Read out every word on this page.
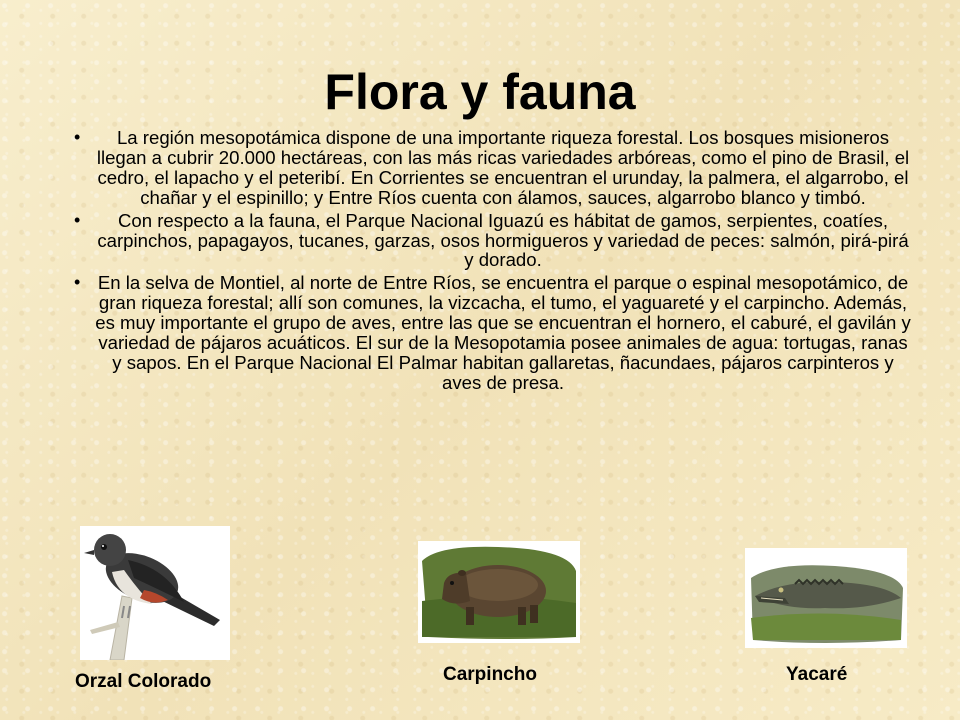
Flora y fauna
• La región mesopotámica dispone de una importante riqueza forestal. Los bosques misioneros llegan a cubrir 20.000 hectáreas, con las más ricas variedades arbóreas, como el pino de Brasil, el cedro, el lapacho y el peteribí. En Corrientes se encuentran el urunday, la palmera, el algarrobo, el chañar y el espinillo; y Entre Ríos cuenta con álamos, sauces, algarrobo blanco y timbó.
• Con respecto a la fauna, el Parque Nacional Iguazú es hábitat de gamos, serpientes, coatíes, carpinchos, papagayos, tucanes, garzas, osos hormigueros y variedad de peces: salmón, pirá-pirá y dorado.
• En la selva de Montiel, al norte de Entre Ríos, se encuentra el parque o espinal mesopotámico, de gran riqueza forestal; allí son comunes, la vizcacha, el tumo, el yaguareté y el carpincho. Además, es muy importante el grupo de aves, entre las que se encuentran el hornero, el caburé, el gavilán y variedad de pájaros acuáticos. El sur de la Mesopotamia posee animales de agua: tortugas, ranas y sapos. En el Parque Nacional El Palmar habitan gallaretas, ñacundaes, pájaros carpinteros y aves de presa.
Orzal Colorado	Carpincho	Yacaré
